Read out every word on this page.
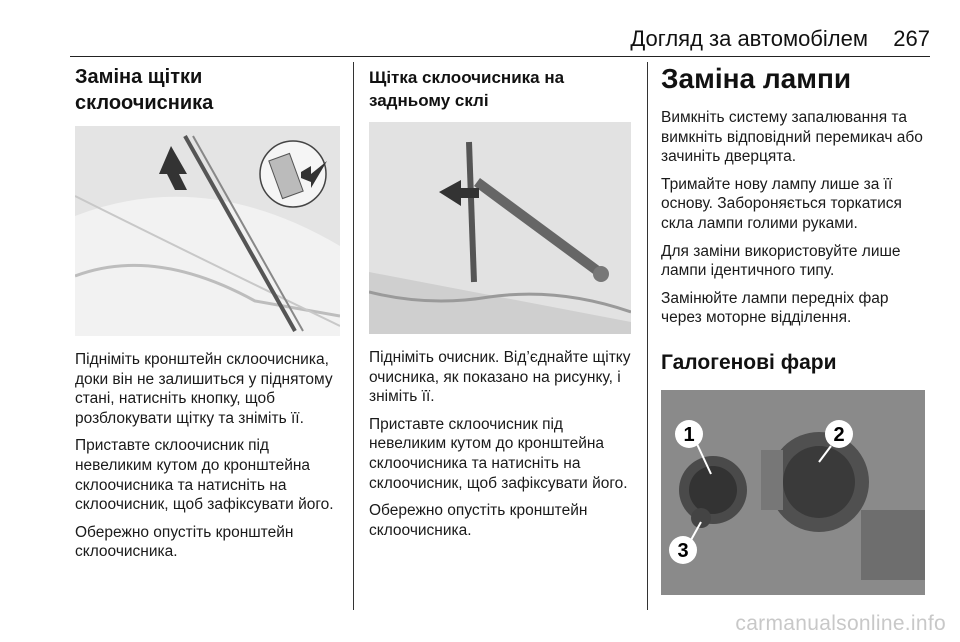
Догляд за автомобілем 267
Заміна щітки
склоочисника

Підніміть кронштейн склоочисника, доки він не залишиться у піднятому стані, натисніть кнопку, щоб розблокувати щітку та зніміть її.

Приставте склоочисник під невеликим кутом до кронштейна склоочисника та натисніть на склоочисник, щоб зафіксувати його.

Обережно опустіть кронштейн склоочисника.

Щітка склоочисника на
задньому склі

Підніміть очисник. Від’єднайте щітку очисника, як показано на рисунку, і зніміть її.

Приставте склоочисник під невеликим кутом до кронштейна склоочисника та натисніть на склоочисник, щоб зафіксувати його.

Обережно опустіть кронштейн склоочисника.

Заміна лампи

Вимкніть систему запалювання та вимкніть відповідний перемикач або зачиніть дверцята.

Тримайте нову лампу лише за її основу. Забороняється торкатися скла лампи голими руками.

Для заміни використовуйте лише лампи ідентичного типу.

Замінюйте лампи передніх фар через моторне відділення.

Галогенові фари
1	2
3
carmanualsonline.info
